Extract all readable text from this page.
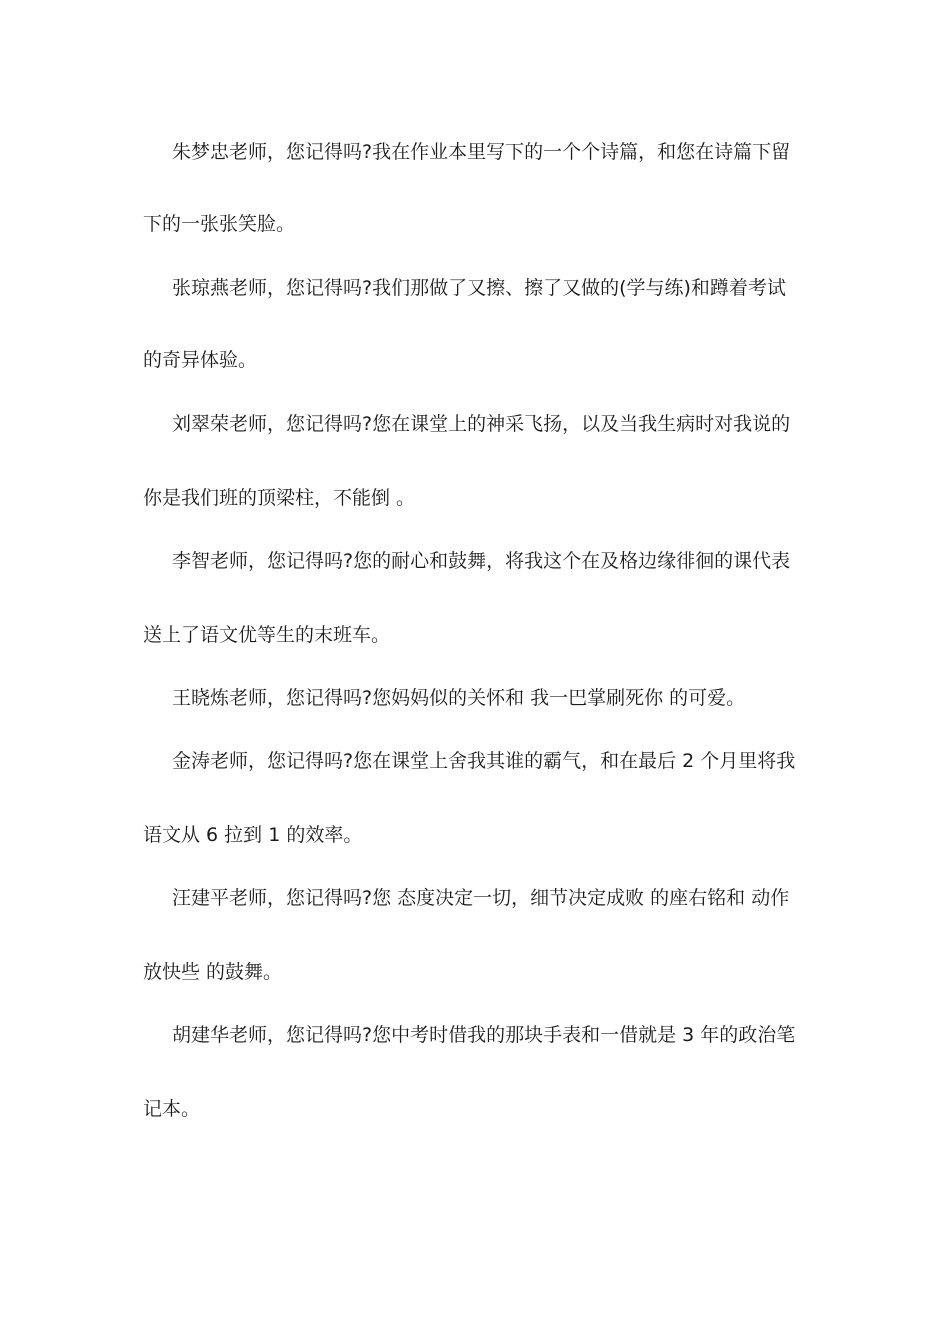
朱梦忠老师，您记得吗?我在作业本里写下的一个个诗篇，和您在诗篇下留

下的一张张笑脸。

张琼燕老师，您记得吗?我们那做了又擦、擦了又做的(学与练)和蹲着考试

的奇异体验。

刘翠荣老师，您记得吗?您在课堂上的神采飞扬，以及当我生病时对我说的

你是我们班的顶梁柱，不能倒 。

李智老师，您记得吗?您的耐心和鼓舞，将我这个在及格边缘徘徊的课代表

送上了语文优等生的末班车。

王晓炼老师，您记得吗?您妈妈似的关怀和 我一巴掌刷死你 的可爱。

金涛老师，您记得吗?您在课堂上舍我其谁的霸气，和在最后 2 个月里将我

语文从 6 拉到 1 的效率。

汪建平老师，您记得吗?您 态度决定一切，细节决定成败 的座右铭和 动作

放快些 的鼓舞。

胡建华老师，您记得吗?您中考时借我的那块手表和一借就是 3 年的政治笔

记本。
